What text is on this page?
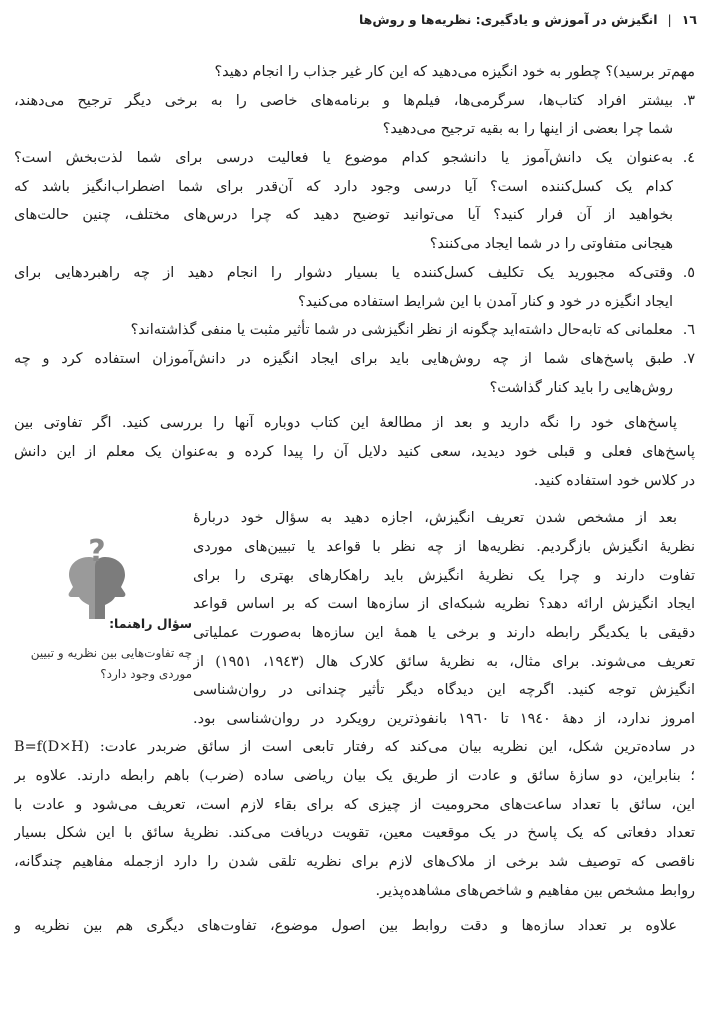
١٦
|
انگیزش در آموزش و یادگیری: نظریه‌ها و روش‌ها
مهم‌تر برسید)؟ چطور به خود انگیزه می‌دهید که این کار غیر جذاب را انجام دهید؟
٣.
بیشتر افراد کتاب‌ها، سرگرمی‌ها، فیلم‌ها و برنامه‌های خاصی را به برخی دیگر ترجیح می‌دهند،
شما چرا بعضی از اینها را به بقیه ترجیح می‌دهید؟
٤.
به‌عنوان یک دانش‌آموز یا دانشجو کدام موضوع یا فعالیت درسی برای شما لذت‌بخش است؟
کدام یک کسل‌کننده است؟ آیا درسی وجود دارد که آن‌قدر برای شما اضطراب‌انگیز باشد که
بخواهید از آن فرار کنید؟ آیا می‌توانید توضیح دهید که چرا درس‌های مختلف، چنین حالت‌های
هیجانی متفاوتی را در شما ایجاد می‌کنند؟
٥.
وقتی‌که مجبورید یک تکلیف کسل‌کننده یا بسیار دشوار را انجام دهید از چه راهبردهایی برای
ایجاد انگیزه در خود و کنار آمدن با این شرایط استفاده می‌کنید؟
٦.
معلمانی که تابه‌حال داشته‌اید چگونه از نظر انگیزشی در شما تأثیر مثبت یا منفی گذاشته‌اند؟
٧.
طبق پاسخ‌های شما از چه روش‌هایی باید برای ایجاد انگیزه در دانش‌آموزان استفاده کرد و چه
روش‌هایی را باید کنار گذاشت؟
پاسخ‌های خود را نگه دارید و بعد از مطالعهٔ این کتاب دوباره آنها را بررسی کنید. اگر تفاوتی بین
پاسخ‌های فعلی و قبلی خود دیدید، سعی کنید دلایل آن را پیدا کرده و به‌عنوان یک معلم از این دانش
در کلاس خود استفاده کنید.
بعد از مشخص شدن تعریف انگیزش، اجازه دهید به سؤال خود دربارهٔ
نظریهٔ انگیزش بازگردیم. نظریه‌ها از چه نظر با قواعد یا تبیین‌های موردی
تفاوت دارند و چرا یک نظریهٔ انگیزش باید راهکارهای بهتری را برای
ایجاد انگیزش ارائه دهد؟ نظریه شبکه‌ای از سازه‌ها است که بر اساس قواعد
دقیقی با یکدیگر رابطه دارند و برخی یا همهٔ این سازه‌ها به‌صورت عملیاتی
تعریف می‌شوند. برای مثال، به نظریهٔ سائق کلارک هال (١٩٤٣، ١٩٥١) از
انگیزش توجه کنید. اگرچه این دیدگاه دیگر تأثیر چندانی در روان‌شناسی
امروز ندارد، از دههٔ ١٩٤٠ تا ١٩٦٠ بانفوذترین رویکرد در روان‌شناسی بود.
?
سؤال راهنما:
چه تفاوت‌هایی بین نظریه و تبیین موردی وجود دارد؟
در ساده‌ترین شکل، این نظریه بیان می‌کند که رفتار تابعی است از سائق ضربدر عادت: B=f(D×H)
؛ بنابراین، دو سازهٔ سائق و عادت از طریق یک بیان ریاضی ساده (ضرب) باهم رابطه دارند. علاوه بر
این، سائق با تعداد ساعت‌های محرومیت از چیزی که برای بقاء لازم است، تعریف می‌شود و عادت با
تعداد دفعاتی که یک پاسخ در یک موقعیت معین، تقویت دریافت می‌کند. نظریهٔ سائق با این شکل بسیار
ناقصی که توصیف شد برخی از ملاک‌های لازم برای نظریه تلقی شدن را دارد ازجمله مفاهیم چندگانه،
روابط مشخص بین مفاهیم و شاخص‌های مشاهده‌پذیر.
علاوه بر تعداد سازه‌ها و دقت روابط بین اصول موضوع، تفاوت‌های دیگری هم بین نظریه و
